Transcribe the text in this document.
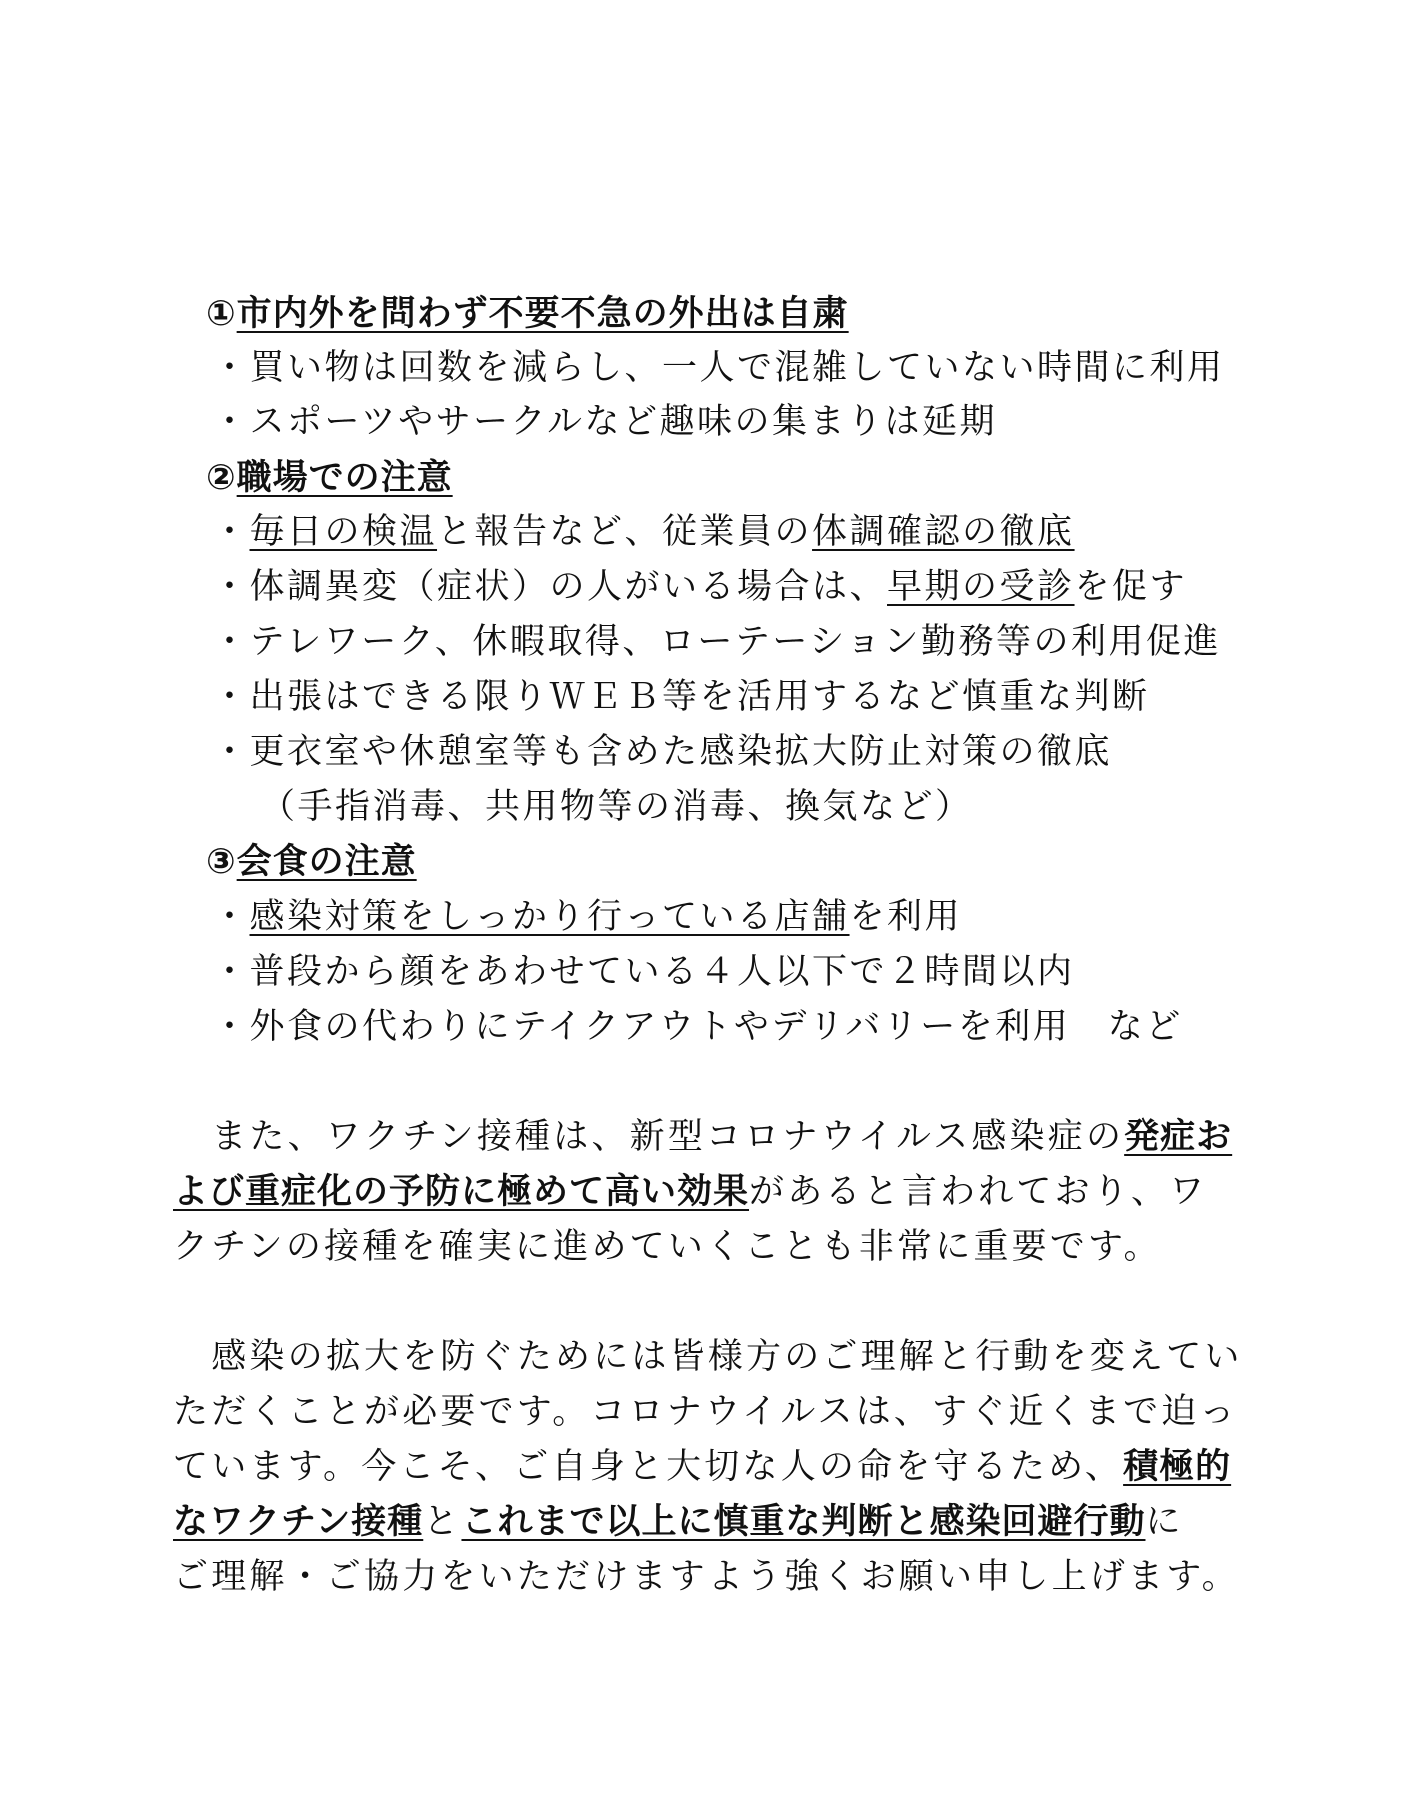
①市内外を問わず不要不急の外出は自粛
・買い物は回数を減らし、一人で混雑していない時間に利用
・スポーツやサークルなど趣味の集まりは延期
②職場での注意
・毎日の検温と報告など、従業員の体調確認の徹底
・体調異変（症状）の人がいる場合は、早期の受診を促す
・テレワーク、休暇取得、ローテーション勤務等の利用促進
・出張はできる限りＷＥＢ等を活用するなど慎重な判断
・更衣室や休憩室等も含めた感染拡大防止対策の徹底
（手指消毒、共用物等の消毒、換気など）
③会食の注意
・感染対策をしっかり行っている店舗を利用
・普段から顔をあわせている４人以下で２時間以内
・外食の代わりにテイクアウトやデリバリーを利用　など
　また、ワクチン接種は、新型コロナウイルス感染症の発症お
よび重症化の予防に極めて高い効果があると言われており、ワ
クチンの接種を確実に進めていくことも非常に重要です。
　感染の拡大を防ぐためには皆様方のご理解と行動を変えてい
ただくことが必要です。コロナウイルスは、すぐ近くまで迫っ
ています。今こそ、ご自身と大切な人の命を守るため、積極的
なワクチン接種とこれまで以上に慎重な判断と感染回避行動に
ご理解・ご協力をいただけますよう強くお願い申し上げます。
